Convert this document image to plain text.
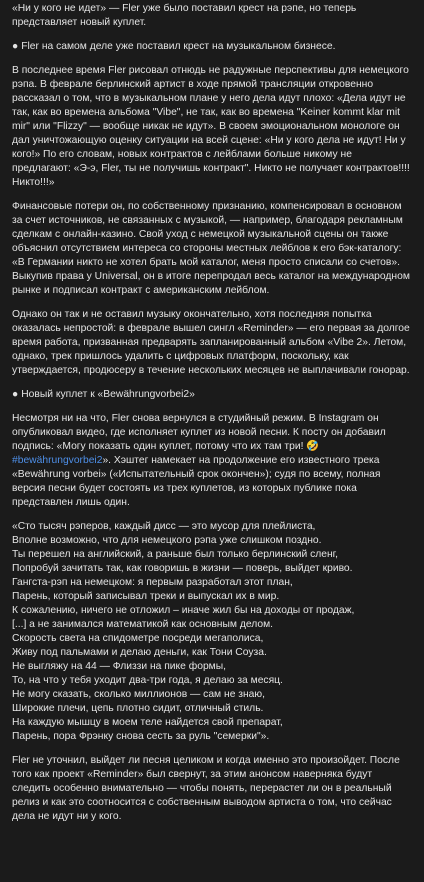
«Ни у кого не идет» — Fler уже было поставил крест на рэпе, но теперь представляет новый куплет.

● Fler на самом деле уже поставил крест на музыкальном бизнесе.

В последнее время Fler рисовал отнюдь не радужные перспективы для немецкого рэпа. В феврале берлинский артист в ходе прямой трансляции откровенно рассказал о том, что в музыкальном плане у него дела идут плохо: «Дела идут не так, как во времена альбома "Vibe", не так, как во времена "Keiner kommt klar mit mir" или "Flizzy" — вообще никак не идут». В своем эмоциональном монологе он дал уничтожающую оценку ситуации на всей сцене: «Ни у кого дела не идут! Ни у кого!» По его словам, новых контрактов с лейблами больше никому не предлагают: «Э-э, Fler, ты не получишь контракт". Никто не получает контрактов!!!! Никто!!!»

Финансовые потери он, по собственному признанию, компенсировал в основном за счет источников, не связанных с музыкой, — например, благодаря рекламным сделкам с онлайн-казино. Свой уход с немецкой музыкальной сцены он также объяснил отсутствием интереса со стороны местных лейблов к его бэк-каталогу: «В Германии никто не хотел брать мой каталог, меня просто списали со счетов». Выкупив права у Universal, он в итоге перепродал весь каталог на международном рынке и подписал контракт с американским лейблом.

Однако он так и не оставил музыку окончательно, хотя последняя попытка оказалась непростой: в феврале вышел сингл «Reminder» — его первая за долгое время работа, призванная предварять запланированный альбом «Vibe 2». Летом, однако, трек пришлось удалить с цифровых платформ, поскольку, как утверждается, продюсеру в течение нескольких месяцев не выплачивали гонорар.

● Новый куплет к «Bewährungvorbei2»

Несмотря ни на что, Fler снова вернулся в студийный режим. В Instagram он опубликовал видео, где исполняет куплет из новой песни. К посту он добавил подпись: «Могу показать один куплет, потому что их там три! 🤣 #bewährungvorbei2». Хэштег намекает на продолжение его известного трека «Bewährung vorbei» («Испытательный срок окончен»); судя по всему, полная версия песни будет состоять из трех куплетов, из которых публике пока представлен лишь один.

«Сто тысяч рэперов, каждый дисс — это мусор для плейлиста,
Вполне возможно, что для немецкого рэпа уже слишком поздно.
Ты перешел на английский, а раньше был только берлинский сленг,
Попробуй зачитать так, как говоришь в жизни — поверь, выйдет криво.
Гангста-рэп на немецком: я первым разработал этот план,
Парень, который записывал треки и выпускал их в мир.
К сожалению, ничего не отложил – иначе жил бы на доходы от продаж,
[...] а не занимался математикой как основным делом.
Скорость света на спидометре посреди мегаполиса,
Живу под пальмами и делаю деньги, как Тони Соуза.
Не выгляжу на 44 — Флиззи на пике формы,
То, на что у тебя уходит два-три года, я делаю за месяц.
Не могу сказать, сколько миллионов — сам не знаю,
Широкие плечи, цепь плотно сидит, отличный стиль.
На каждую мышцу в моем теле найдется свой препарат,
Парень, пора Фрэнку снова сесть за руль "семерки"».

Fler не уточнил, выйдет ли песня целиком и когда именно это произойдет. После того как проект «Reminder» был свернут, за этим анонсом наверняка будут следить особенно внимательно — чтобы понять, перерастет ли он в реальный релиз и как это соотносится с собственным выводом артиста о том, что сейчас дела не идут ни у кого.
